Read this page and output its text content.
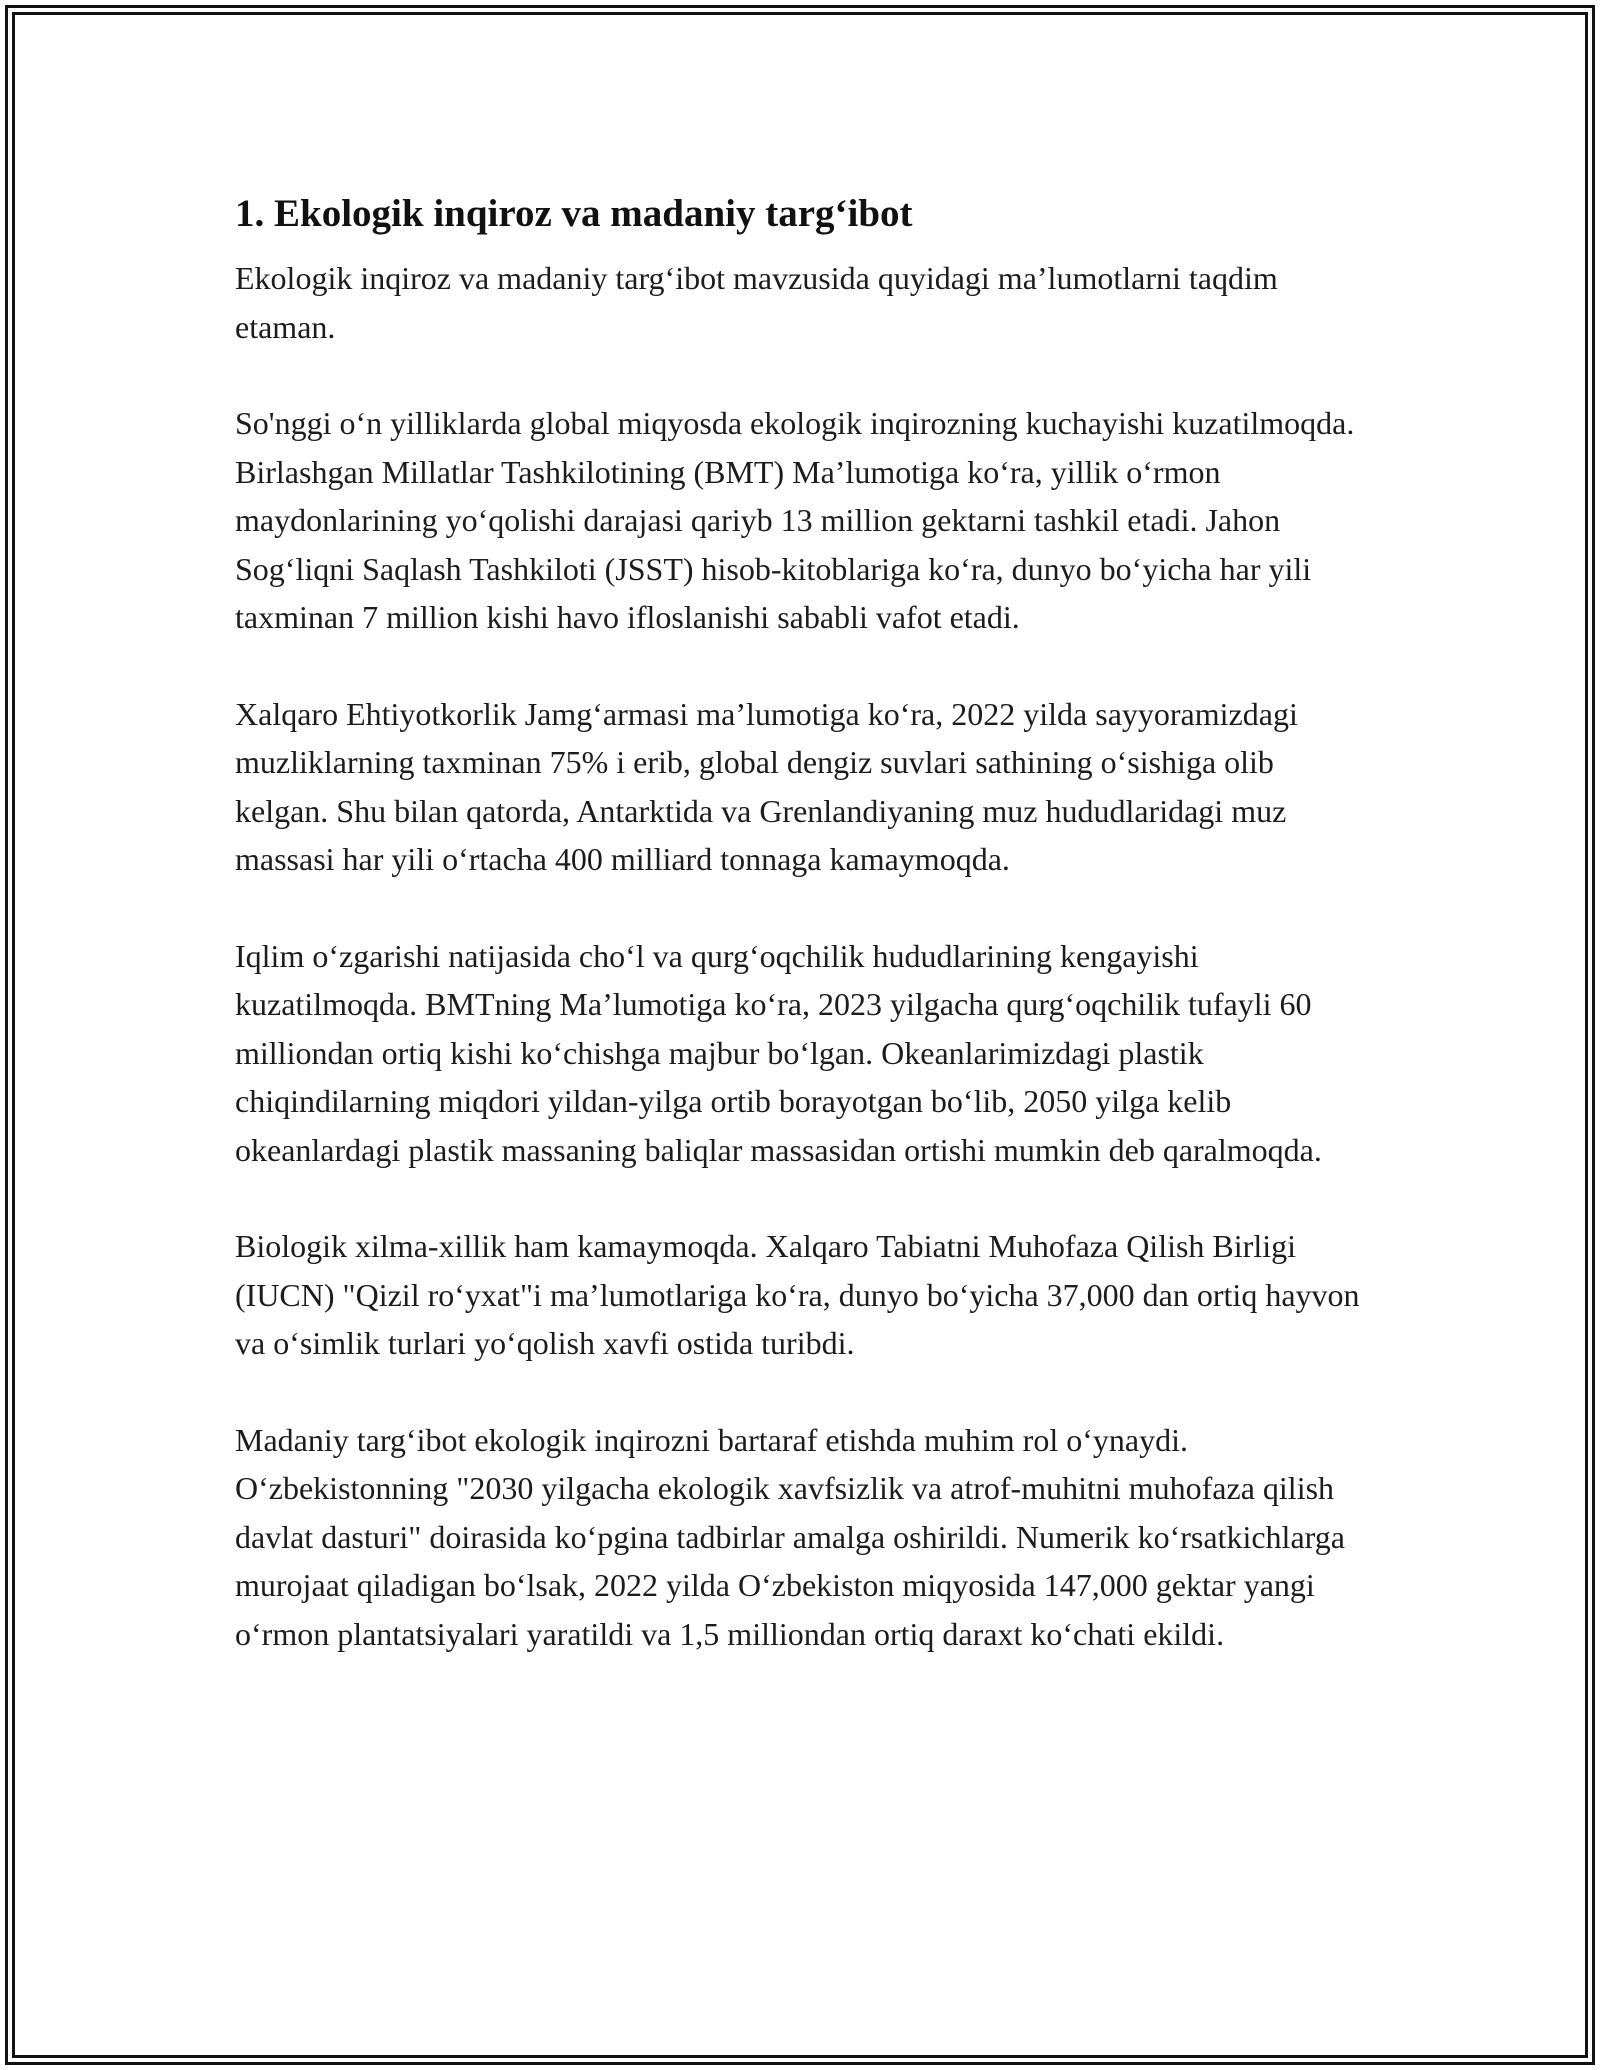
1. Ekologik inqiroz va madaniy targ‘ibot

Ekologik inqiroz va madaniy targ‘ibot mavzusida quyidagi ma’lumotlarni taqdim etaman.

So'nggi o‘n yilliklarda global miqyosda ekologik inqirozning kuchayishi kuzatilmoqda. Birlashgan Millatlar Tashkilotining (BMT) Ma’lumotiga ko‘ra, yillik o‘rmon maydonlarining yo‘qolishi darajasi qariyb 13 million gektarni tashkil etadi. Jahon Sog‘liqni Saqlash Tashkiloti (JSST) hisob-kitoblariga ko‘ra, dunyo bo‘yicha har yili taxminan 7 million kishi havo ifloslanishi sababli vafot etadi.

Xalqaro Ehtiyotkorlik Jamg‘armasi ma’lumotiga ko‘ra, 2022 yilda sayyoramizdagi muzliklarning taxminan 75% i erib, global dengiz suvlari sathining o‘sishiga olib kelgan. Shu bilan qatorda, Antarktida va Grenlandiyaning muz hududlaridagi muz massasi har yili o‘rtacha 400 milliard tonnaga kamaymoqda.

Iqlim o‘zgarishi natijasida cho‘l va qurg‘oqchilik hududlarining kengayishi kuzatilmoqda. BMTning Ma’lumotiga ko‘ra, 2023 yilgacha qurg‘oqchilik tufayli 60 milliondan ortiq kishi ko‘chishga majbur bo‘lgan. Okeanlarimizdagi plastik chiqindilarning miqdori yildan-yilga ortib borayotgan bo‘lib, 2050 yilga kelib okeanlardagi plastik massaning baliqlar massasidan ortishi mumkin deb qaralmoqda.

Biologik xilma-xillik ham kamaymoqda. Xalqaro Tabiatni Muhofaza Qilish Birligi (IUCN) "Qizil ro‘yxat"i ma’lumotlariga ko‘ra, dunyo bo‘yicha 37,000 dan ortiq hayvon va o‘simlik turlari yo‘qolish xavfi ostida turibdi.

Madaniy targ‘ibot ekologik inqirozni bartaraf etishda muhim rol o‘ynaydi. O‘zbekistonning "2030 yilgacha ekologik xavfsizlik va atrof-muhitni muhofaza qilish davlat dasturi" doirasida ko‘pgina tadbirlar amalga oshirildi. Numerik ko‘rsatkichlarga murojaat qiladigan bo‘lsak, 2022 yilda O‘zbekiston miqyosida 147,000 gektar yangi o‘rmon plantatsiyalari yaratildi va 1,5 milliondan ortiq daraxt ko‘chati ekildi.
